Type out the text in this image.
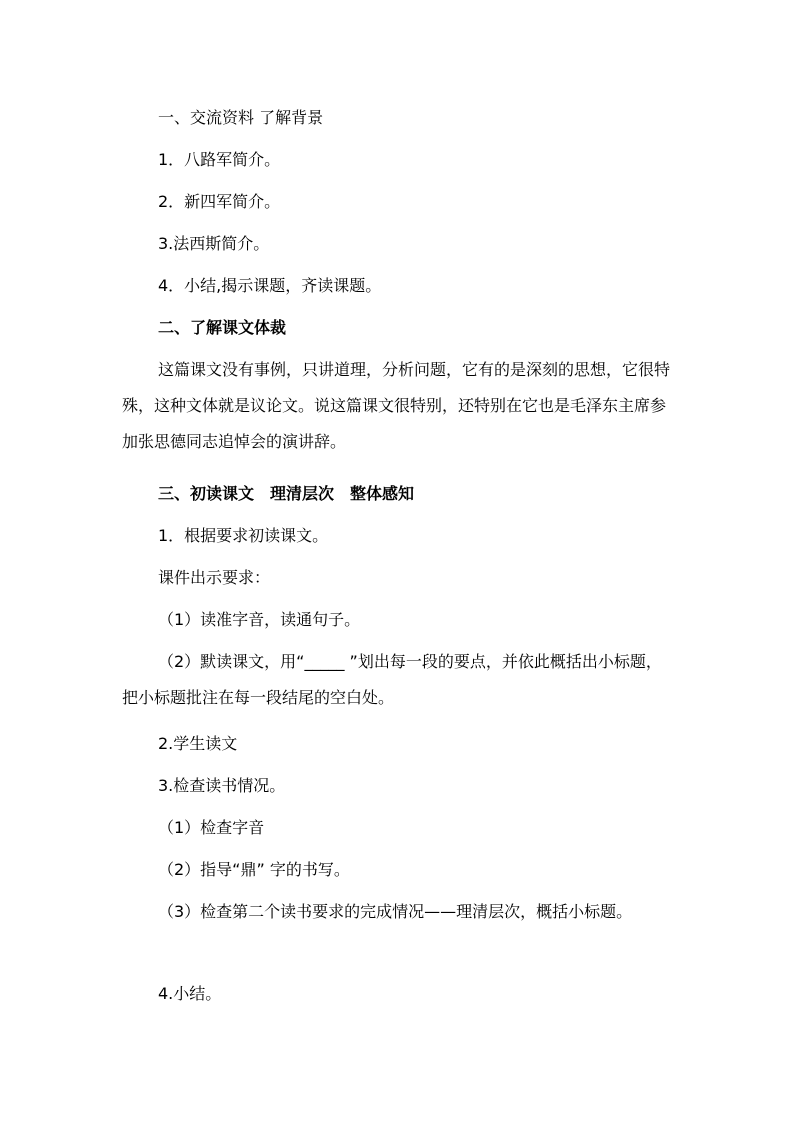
一、交流资料 了解背景

1．八路军简介。

2．新四军简介。

3.法西斯简介。

4．小结,揭示课题，齐读课题。

二、了解课文体裁

这篇课文没有事例，只讲道理，分析问题，它有的是深刻的思想，它很特殊，这种文体就是议论文。说这篇课文很特别，还特别在它也是毛泽东主席参加张思德同志追悼会的演讲辞。

三、初读课文　理清层次　整体感知

1．根据要求初读课文。

课件出示要求：

（1）读准字音，读通句子。

（2）默读课文，用“_____ ”划出每一段的要点，并依此概括出小标题，把小标题批注在每一段结尾的空白处。

2.学生读文

3.检查读书情况。

（1）检查字音

（2）指导“鼎” 字的书写。

（3）检查第二个读书要求的完成情况——理清层次，概括小标题。

4.小结。
